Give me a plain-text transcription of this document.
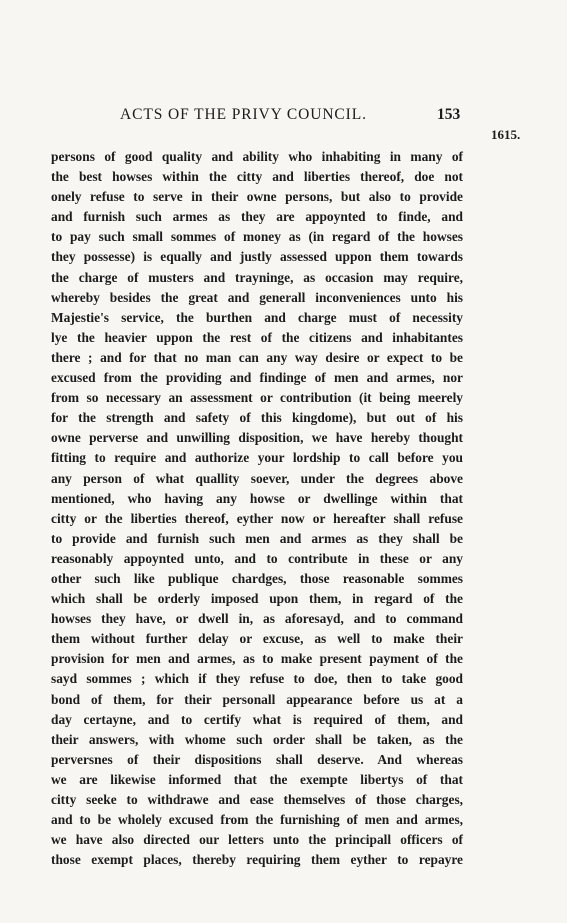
ACTS OF THE PRIVY COUNCIL.	153
1615.
persons of good quality and ability who inhabiting in many of
the best howses within the citty and liberties thereof, doe not
onely refuse to serve in their owne persons, but also to provide
and furnish such armes as they are appoynted to finde, and
to pay such small sommes of money as (in regard of the howses
they possesse) is equally and justly assessed uppon them towards
the charge of musters and trayninge, as occasion may require,
whereby besides the great and generall inconveniences unto his
Majestie's service, the burthen and charge must of necessity
lye the heavier uppon the rest of the citizens and inhabitantes
there ; and for that no man can any way desire or expect to be
excused from the providing and findinge of men and armes, nor
from so necessary an assessment or contribution (it being meerely
for the strength and safety of this kingdome), but out of his
owne perverse and unwilling disposition, we have hereby thought
fitting to require and authorize your lordship to call before you
any person of what quallity soever, under the degrees above
mentioned, who having any howse or dwellinge within that
citty or the liberties thereof, eyther now or hereafter shall refuse
to provide and furnish such men and armes as they shall be
reasonably appoynted unto, and to contribute in these or any
other such like publique chardges, those reasonable sommes
which shall be orderly imposed upon them, in regard of the
howses they have, or dwell in, as aforesayd, and to command
them without further delay or excuse, as well to make their
provision for men and armes, as to make present payment of the
sayd sommes ; which if they refuse to doe, then to take good
bond of them, for their personall appearance before us at a
day certayne, and to certify what is required of them, and
their answers, with whome such order shall be taken, as the
perversnes of their dispositions shall deserve. And whereas
we are likewise informed that the exempte libertys of that
citty seeke to withdrawe and ease themselves of those charges,
and to be wholely excused from the furnishing of men and armes,
we have also directed our letters unto the principall officers of
those exempt places, thereby requiring them eyther to repayre
